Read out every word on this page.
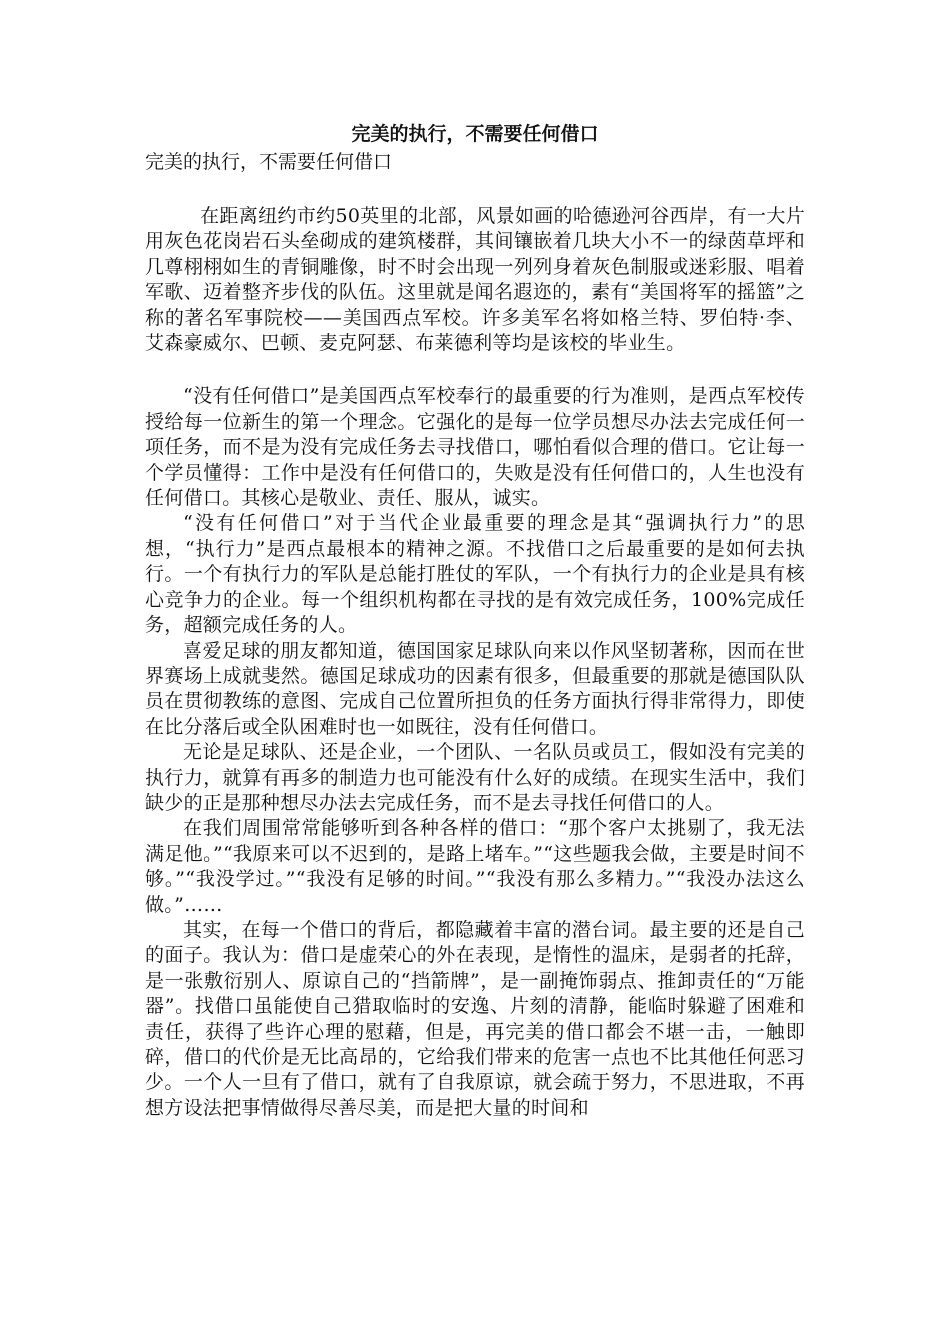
完美的执行，不需要任何借口

完美的执行，不需要任何借口

在距离纽约市约50英里的北部，风景如画的哈德逊河谷西岸，有一大片用灰色花岗岩石头垒砌成的建筑楼群，其间镶嵌着几块大小不一的绿茵草坪和几尊栩栩如生的青铜雕像，时不时会出现一列列身着灰色制服或迷彩服、唱着军歌、迈着整齐步伐的队伍。这里就是闻名遐迩的，素有“美国将军的摇篮”之称的著名军事院校——美国西点军校。许多美军名将如格兰特、罗伯特·李、艾森豪威尔、巴顿、麦克阿瑟、布莱德利等均是该校的毕业生。

“没有任何借口”是美国西点军校奉行的最重要的行为准则，是西点军校传授给每一位新生的第一个理念。它强化的是每一位学员想尽办法去完成任何一项任务，而不是为没有完成任务去寻找借口，哪怕看似合理的借口。它让每一个学员懂得：工作中是没有任何借口的，失败是没有任何借口的，人生也没有任何借口。其核心是敬业、责任、服从，诚实。

“没有任何借口”对于当代企业最重要的理念是其“强调执行力”的思想，“执行力”是西点最根本的精神之源。不找借口之后最重要的是如何去执行。一个有执行力的军队是总能打胜仗的军队，一个有执行力的企业是具有核心竞争力的企业。每一个组织机构都在寻找的是有效完成任务，100%完成任务，超额完成任务的人。

喜爱足球的朋友都知道，德国国家足球队向来以作风坚韧著称，因而在世界赛场上成就斐然。德国足球成功的因素有很多，但最重要的那就是德国队队员在贯彻教练的意图、完成自己位置所担负的任务方面执行得非常得力，即使在比分落后或全队困难时也一如既往，没有任何借口。

无论是足球队、还是企业，一个团队、一名队员或员工，假如没有完美的执行力，就算有再多的制造力也可能没有什么好的成绩。在现实生活中，我们缺少的正是那种想尽办法去完成任务，而不是去寻找任何借口的人。

在我们周围常常能够听到各种各样的借口：“那个客户太挑剔了，我无法满足他。”“我原来可以不迟到的，是路上堵车。”“这些题我会做，主要是时间不够。”“我没学过。”“我没有足够的时间。”“我没有那么多精力。”“我没办法这么做。”……

其实，在每一个借口的背后，都隐藏着丰富的潜台词。最主要的还是自己的面子。我认为：借口是虚荣心的外在表现，是惰性的温床，是弱者的托辞，是一张敷衍别人、原谅自己的“挡箭牌”，是一副掩饰弱点、推卸责任的“万能器”。找借口虽能使自己猎取临时的安逸、片刻的清静，能临时躲避了困难和责任，获得了些许心理的慰藉，但是，再完美的借口都会不堪一击，一触即碎，借口的代价是无比高昂的，它给我们带来的危害一点也不比其他任何恶习少。一个人一旦有了借口，就有了自我原谅，就会疏于努力，不思进取，不再想方设法把事情做得尽善尽美，而是把大量的时间和
